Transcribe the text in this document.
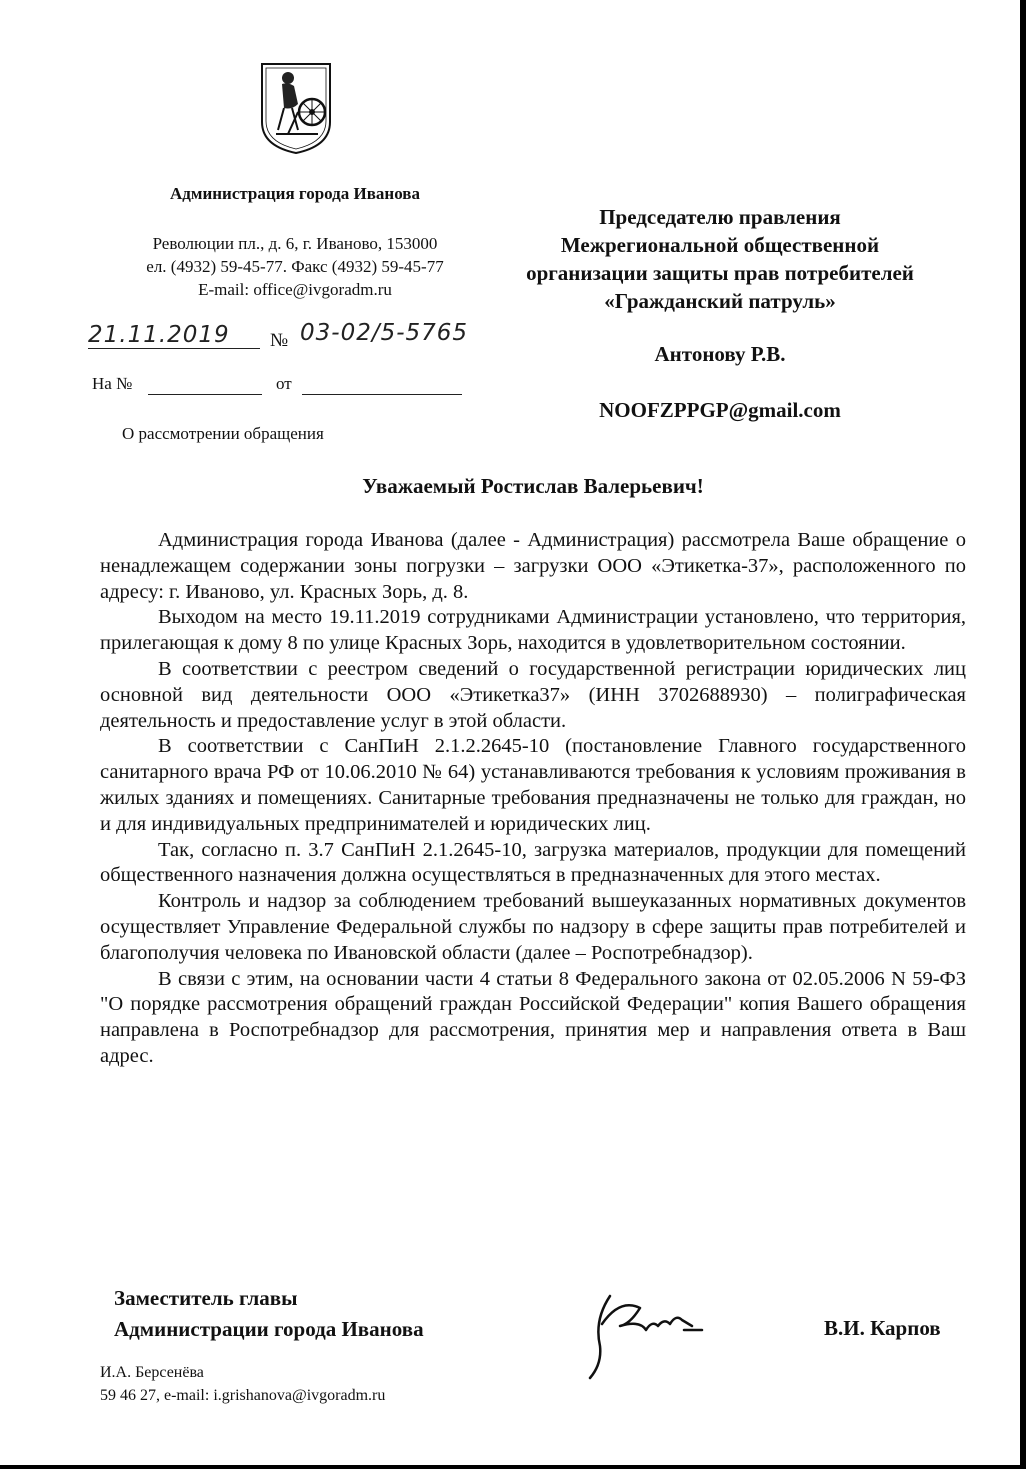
Администрация города Иванова
Революции пл., д. 6, г. Иваново, 153000
ел. (4932) 59-45-77. Факс (4932) 59-45-77
E-mail: office@ivgoradm.ru
21.11.2019	№ 03-02/5-5765
На №	от
О рассмотрении обращения
Председателю правления
Межрегиональной общественной
организации защиты прав потребителей
«Гражданский патруль»
Антонову Р.В.
NOOFZPPGP@gmail.com
Уважаемый Ростислав Валерьевич!

Администрация города Иванова (далее - Администрация) рассмотрела Ваше обращение о ненадлежащем содержании зоны погрузки – загрузки ООО «Этикетка-37», расположенного по адресу: г. Иваново, ул. Красных Зорь, д. 8.

Выходом на место 19.11.2019 сотрудниками Администрации установлено, что территория, прилегающая к дому 8 по улице Красных Зорь, находится в удовлетворительном состоянии.

В соответствии с реестром сведений о государственной регистрации юридических лиц основной вид деятельности ООО «Этикетка37» (ИНН 3702688930) – полиграфическая деятельность и предоставление услуг в этой области.

В соответствии с СанПиН 2.1.2.2645-10 (постановление Главного государственного санитарного врача РФ от 10.06.2010 № 64) устанавливаются требования к условиям проживания в жилых зданиях и помещениях. Санитарные требования предназначены не только для граждан, но и для индивидуальных предпринимателей и юридических лиц.

Так, согласно п. 3.7 СанПиН 2.1.2645-10, загрузка материалов, продукции для помещений общественного назначения должна осуществляться в предназначенных для этого местах.

Контроль и надзор за соблюдением требований вышеуказанных нормативных документов осуществляет Управление Федеральной службы по надзору в сфере защиты прав потребителей и благополучия человека по Ивановской области (далее – Роспотребнадзор).

В связи с этим, на основании части 4 статьи 8 Федерального закона от 02.05.2006 N 59-ФЗ "О порядке рассмотрения обращений граждан Российской Федерации" копия Вашего обращения направлена в Роспотребнадзор для рассмотрения, принятия мер и направления ответа в Ваш адрес.

Заместитель главы
Администрации города Иванова	В.И. Карпов
И.А. Берсенёва
59 46 27, e-mail: i.grishanova@ivgoradm.ru
